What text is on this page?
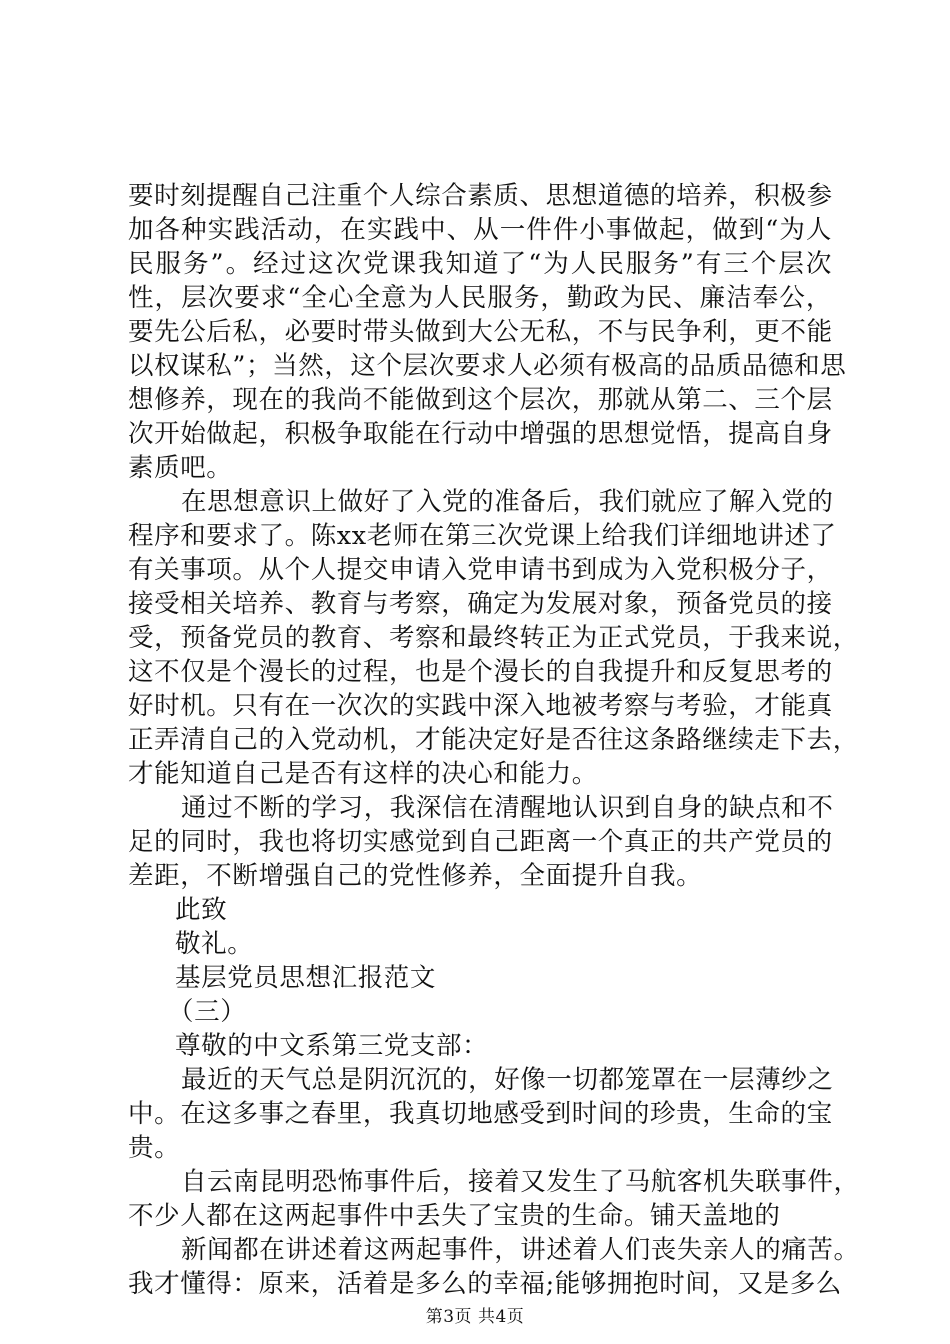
要时刻提醒自己注重个人综合素质、思想道德的培养，积极参
加各种实践活动，在实践中、从一件件小事做起，做到“为人
民服务”。经过这次党课我知道了“为人民服务”有三个层次
性，层次要求“全心全意为人民服务，勤政为民、廉洁奉公，
要先公后私，必要时带头做到大公无私，不与民争利，更不能
以权谋私”；当然，这个层次要求人必须有极高的品质品德和思
想修养，现在的我尚不能做到这个层次，那就从第二、三个层
次开始做起，积极争取能在行动中增强的思想觉悟，提高自身
素质吧。
在思想意识上做好了入党的准备后，我们就应了解入党的
程序和要求了。陈xx老师在第三次党课上给我们详细地讲述了
有关事项。从个人提交申请入党申请书到成为入党积极分子，
接受相关培养、教育与考察，确定为发展对象，预备党员的接
受，预备党员的教育、考察和最终转正为正式党员，于我来说，
这不仅是个漫长的过程，也是个漫长的自我提升和反复思考的
好时机。只有在一次次的实践中深入地被考察与考验，才能真
正弄清自己的入党动机，才能决定好是否往这条路继续走下去，
才能知道自己是否有这样的决心和能力。
通过不断的学习，我深信在清醒地认识到自身的缺点和不
足的同时，我也将切实感觉到自己距离一个真正的共产党员的
差距，不断增强自己的党性修养，全面提升自我。
此致
敬礼。
基层党员思想汇报范文
（三）
尊敬的中文系第三党支部：
最近的天气总是阴沉沉的，好像一切都笼罩在一层薄纱之
中。在这多事之春里，我真切地感受到时间的珍贵，生命的宝
贵。
自云南昆明恐怖事件后，接着又发生了马航客机失联事件，
不少人都在这两起事件中丢失了宝贵的生命。铺天盖地的
新闻都在讲述着这两起事件，讲述着人们丧失亲人的痛苦。
我才懂得：原来，活着是多么的幸福;能够拥抱时间，又是多么
第3页 共4页
